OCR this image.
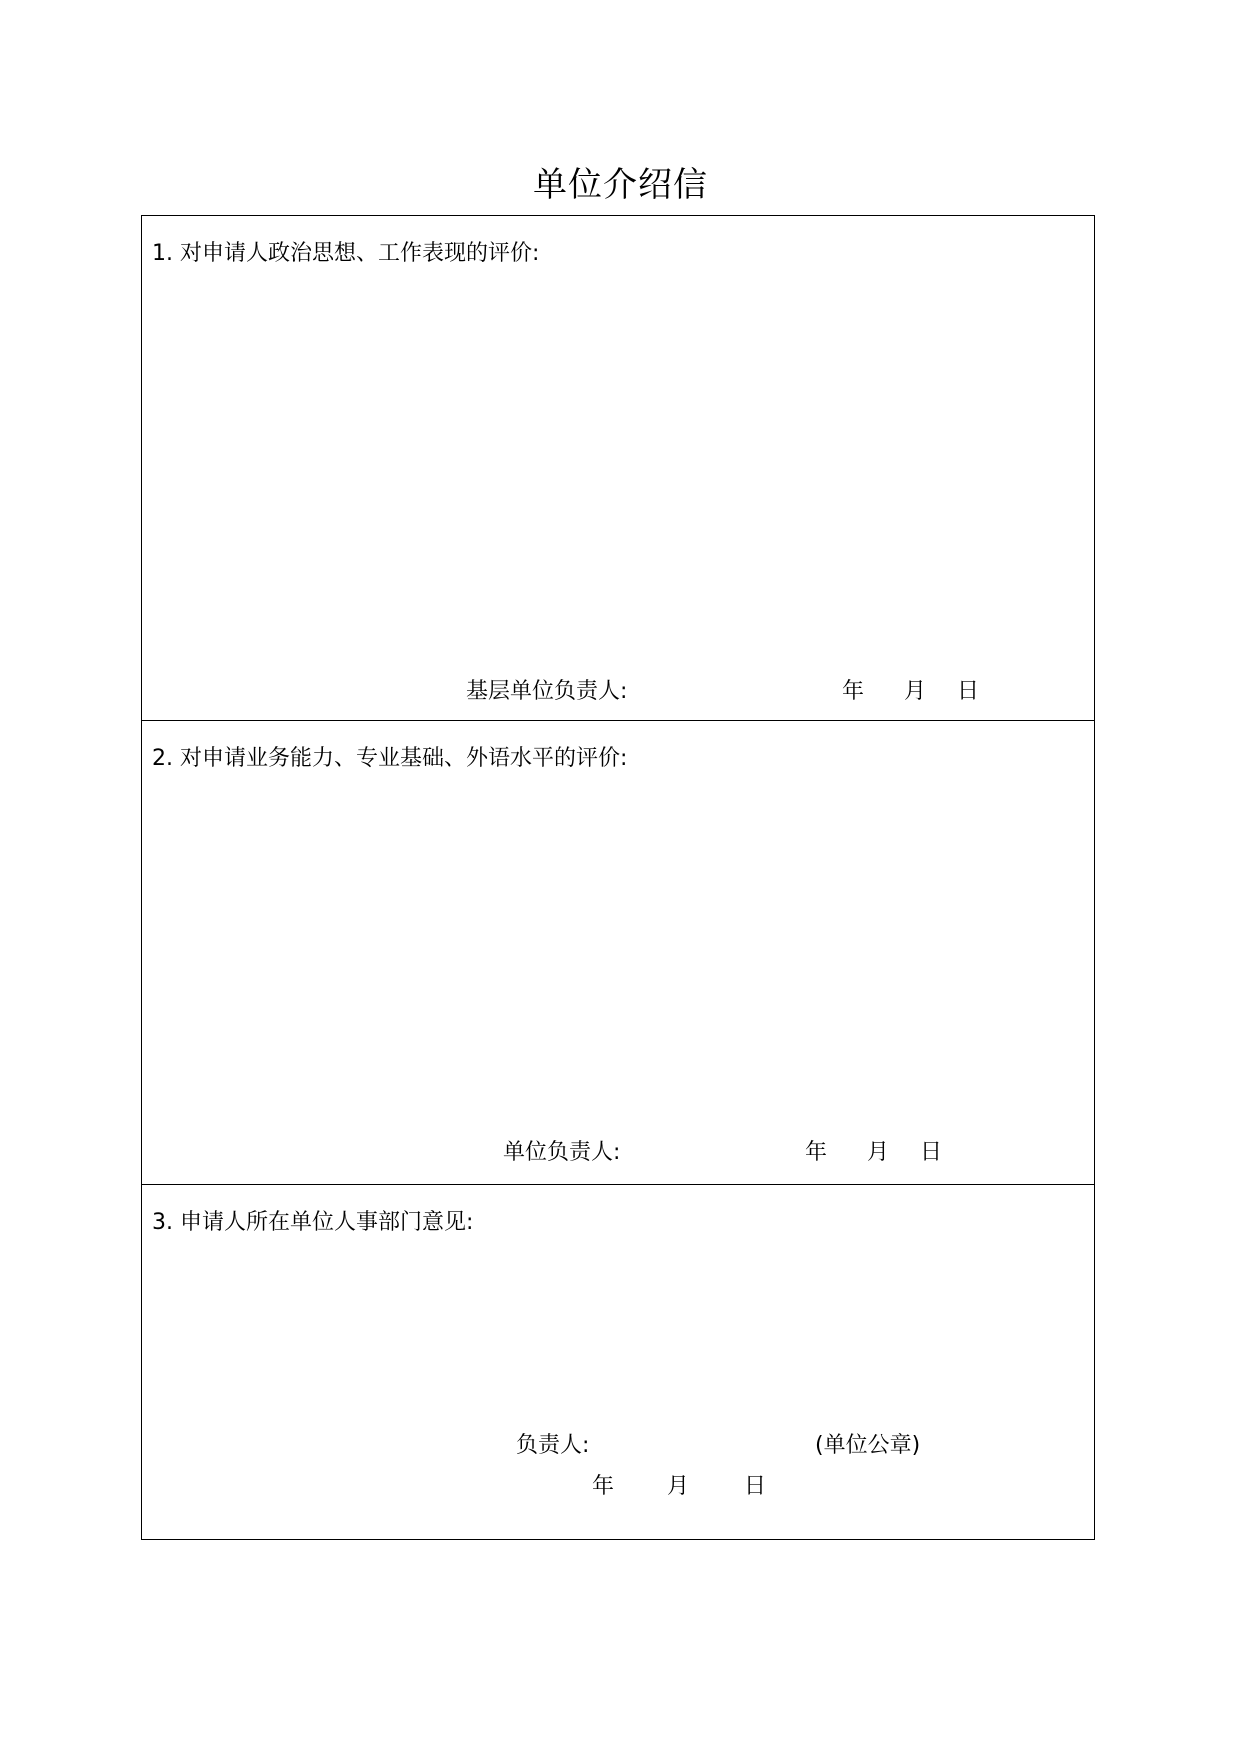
单位介绍信
1. 对申请人政治思想、工作表现的评价:
基层单位负责人:	年 月 日
2. 对申请业务能力、专业基础、外语水平的评价:
单位负责人:	年 月 日
3. 申请人所在单位人事部门意见:
负责人:	(单位公章)
年 月 日
